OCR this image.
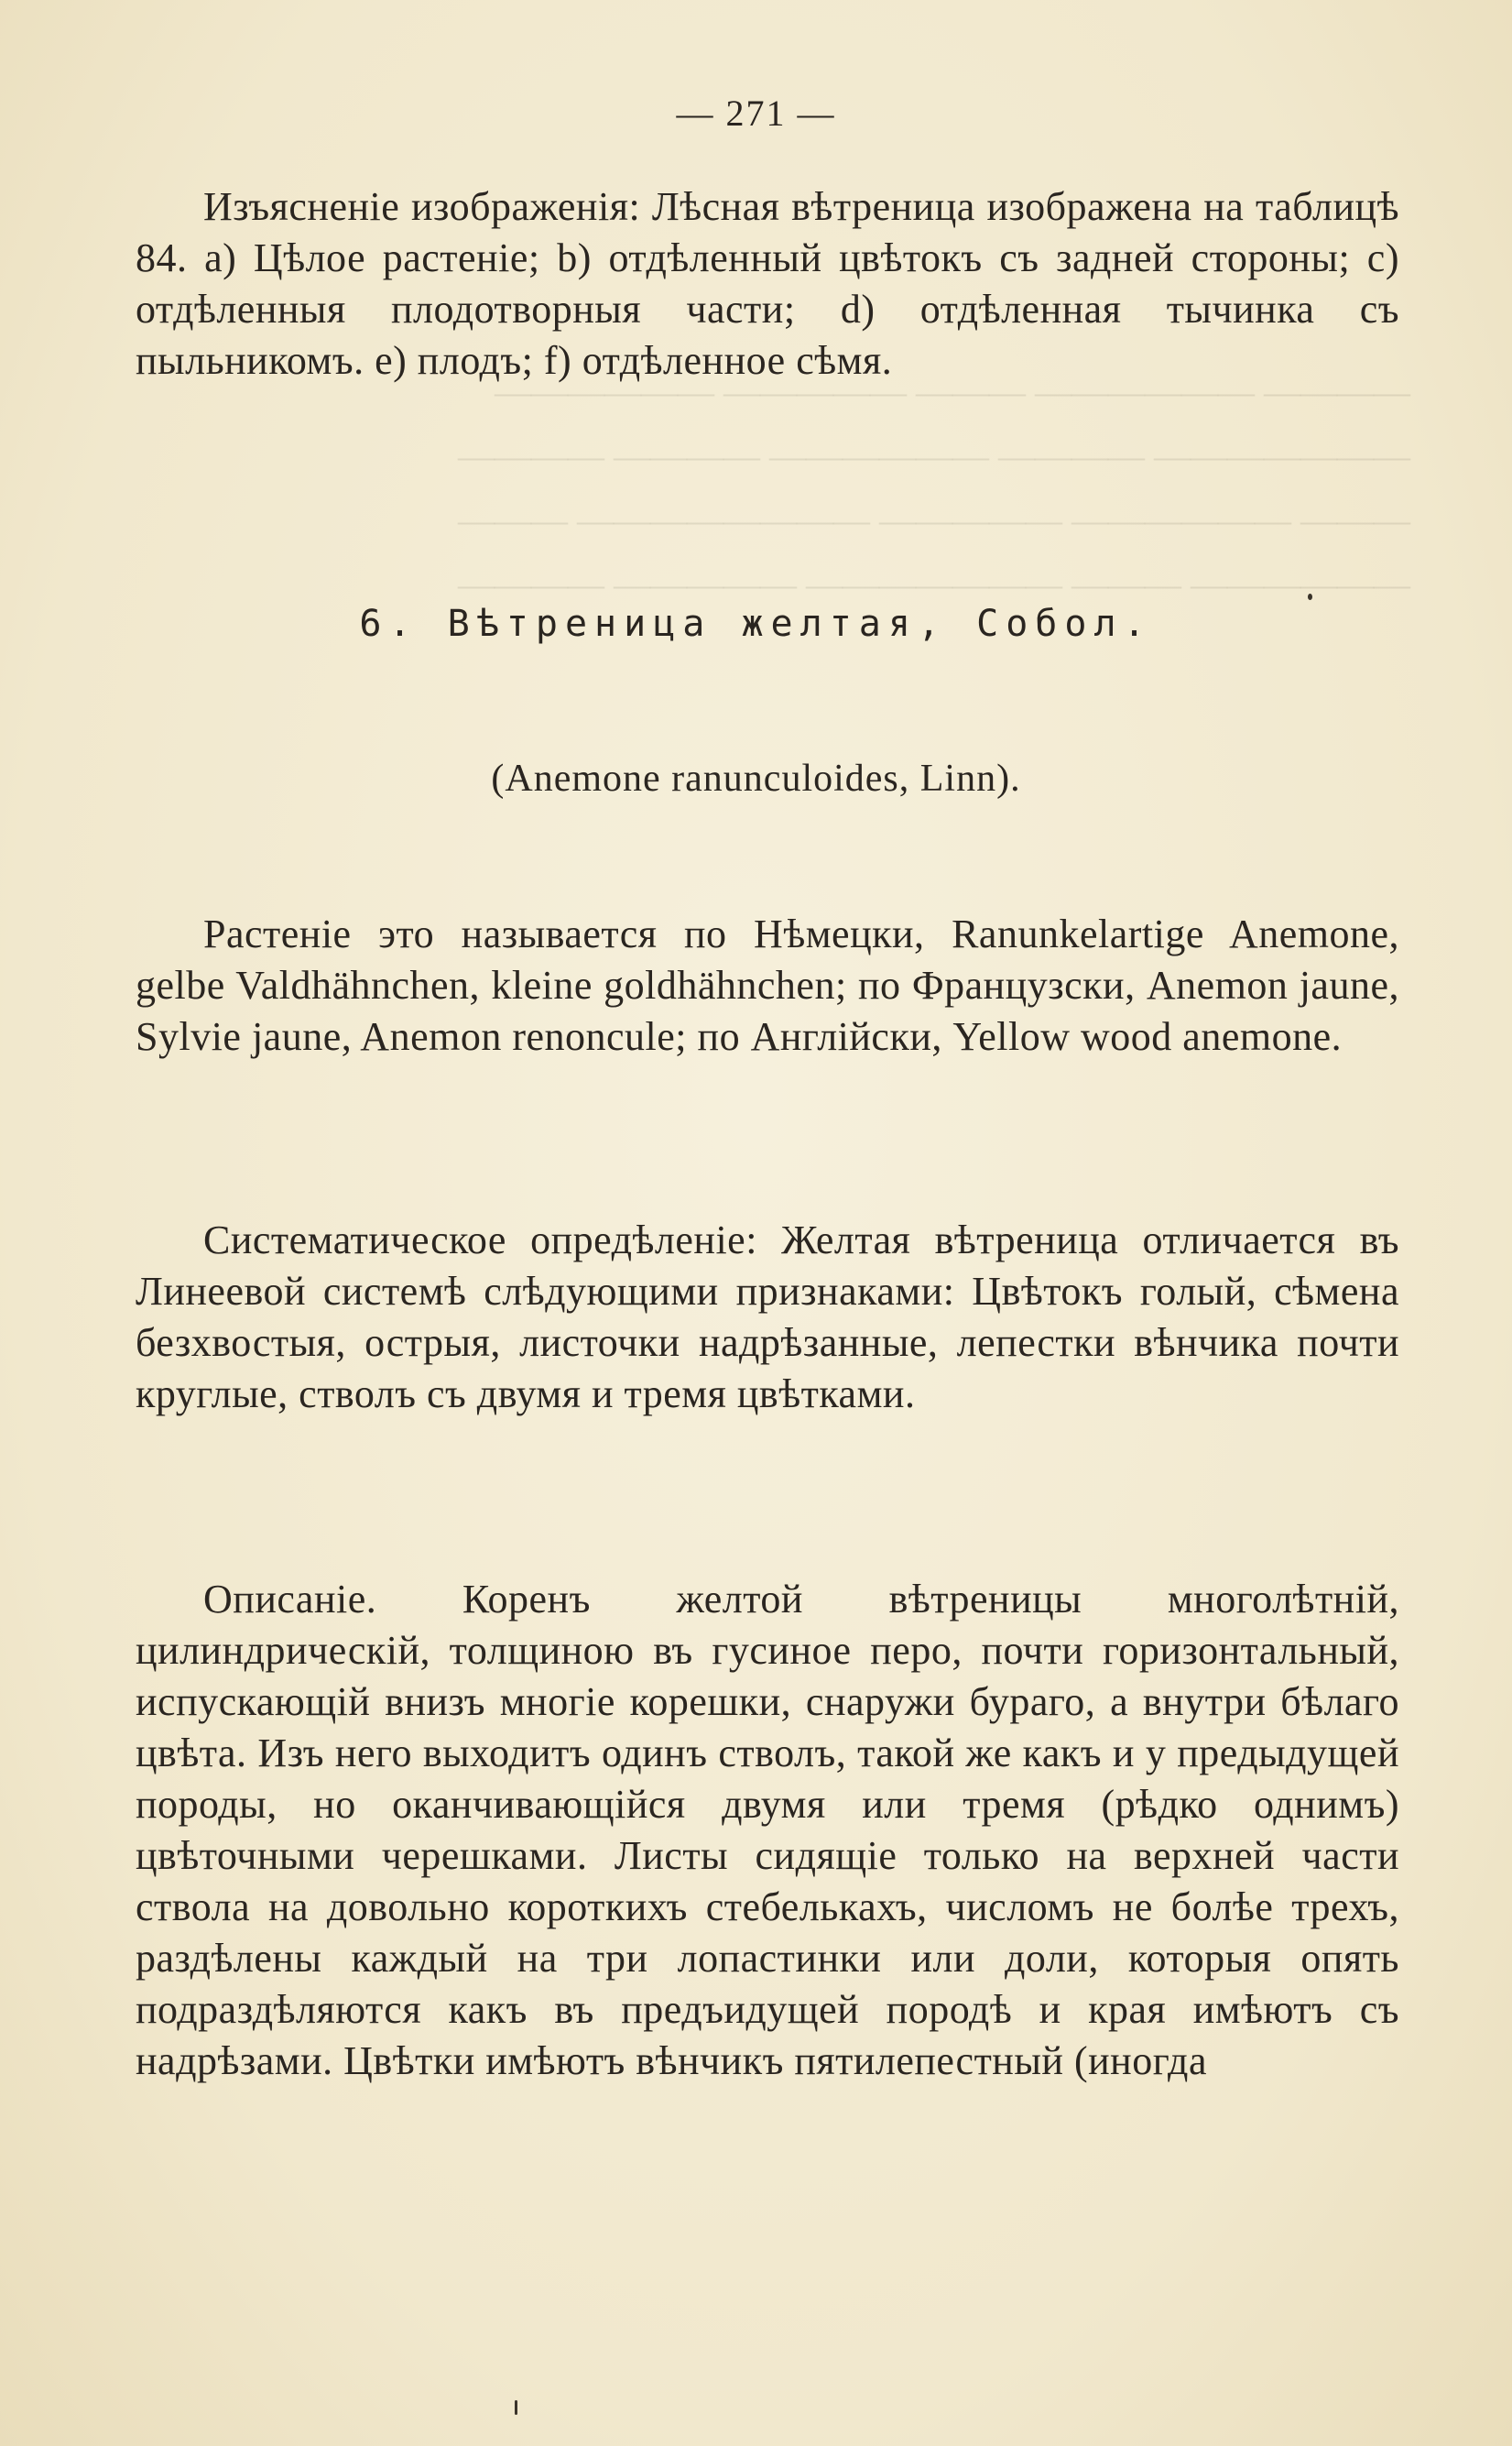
―――― ―――――― ――― ――――― ――――――
――――――― ―――― ―――――― ―――― ――――
――― ―――――― ――――― ―――――――― ―――
―――――― ――― ――――――― ――――― ――――
— 271 —

Изъясненіе изображенія: Лѣсная вѣтреница изображена на таблицѣ 84. a) Цѣлое растеніе; b) отдѣленный цвѣтокъ съ задней стороны; c) отдѣленныя плодотворныя части; d) отдѣленная тычинка съ пыльникомъ. e) плодъ; f) отдѣленное сѣмя.

6. Вѣтреница желтая, Собол.
(Anemone ranunculoides, Linn).

Растеніе это называется по Нѣмецки, Ranunkelartige Anemone, gelbe Valdhähnchen, kleine goldhähnchen; по Французски, Anemon jaune, Sylvie jaune, Anemon renoncule; по Англійски, Yellow wood anemone.

Систематическое опредѣленіе: Желтая вѣтреница отличается въ Линеевой системѣ слѣдующими признаками: Цвѣтокъ голый, сѣмена безхвостыя, острыя, листочки надрѣзанные, лепестки вѣнчика почти круглые, стволъ съ двумя и тремя цвѣтками.

Описаніе. Коренъ желтой вѣтреницы многолѣтній, цилиндрическій, толщиною въ гусиное перо, почти горизонтальный, испускающій внизъ многіе корешки, снаружи бураго, а внутри бѣлаго цвѣта. Изъ него выходитъ одинъ стволъ, такой же какъ и у предыдущей породы, но оканчивающійся двумя или тремя (рѣдко однимъ) цвѣточными черешками. Листы сидящіе только на верхней части ствола на довольно короткихъ стебелькахъ, числомъ не болѣе трехъ, раздѣлены каждый на три лопастинки или доли, которыя опять подраздѣляются какъ въ предъидущей породѣ и края имѣютъ съ надрѣзами. Цвѣтки имѣютъ вѣнчикъ пятилепестный (иногда
